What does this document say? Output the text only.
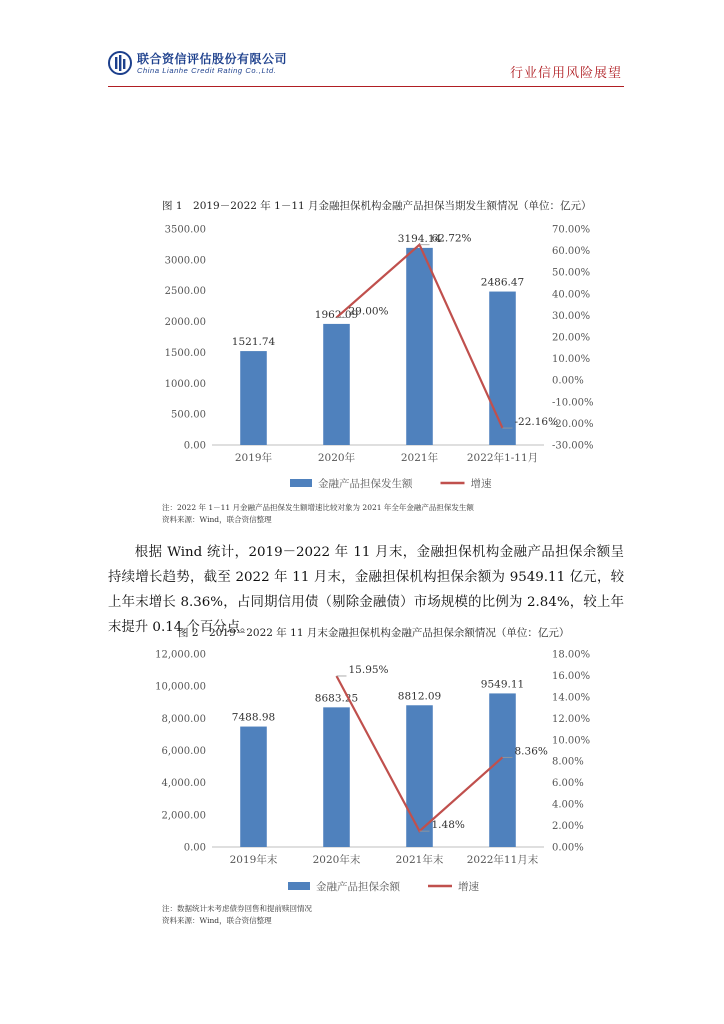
联合资信评估股份有限公司
China Lianhe Credit Rating Co.,Ltd.	行业信用风险展望
图 1　2019－2022 年 1－11 月金融担保机构金融产品担保当期发生额情况（单位：亿元）
0.00
500.00
1000.00
1500.00
2000.00
2500.00
3000.00
3500.00
-30.00%
-20.00%
-10.00%
0.00%
10.00%
20.00%
30.00%
40.00%
50.00%
60.00%
70.00%
1521.74
1962.09
3194.14
2486.47
2019年	2020年	2021年	2022年1-11月
29.00%
62.72%
-22.16%
金融产品担保发生额	增速
注：2022 年 1－11 月金融产品担保发生额增速比较对象为 2021 年全年金融产品担保发生额
资料来源：Wind，联合资信整理

根据 Wind 统计，2019－2022 年 11 月末，金融担保机构金融产品担保余额呈持续增长趋势，截至 2022 年 11 月末，金融担保机构担保余额为 9549.11 亿元，较上年末增长 8.36%，占同期信用债（剔除金融债）市场规模的比例为 2.84%，较上年末提升 0.14 个百分点。

图 2　2019－2022 年 11 月末金融担保机构金融产品担保余额情况（单位：亿元）
0.00
2,000.00
4,000.00
6,000.00
8,000.00
10,000.00
12,000.00
0.00%
2.00%
4.00%
6.00%
8.00%
10.00%
12.00%
14.00%
16.00%
18.00%
7488.98
8683.25	8812.09
9549.11
2019年末	2020年末	2021年末 2022年11月末
15.95%
1.48%
8.36%
金融产品担保余额	增速
注：数据统计未考虑债券回售和提前赎回情况
资料来源：Wind，联合资信整理
